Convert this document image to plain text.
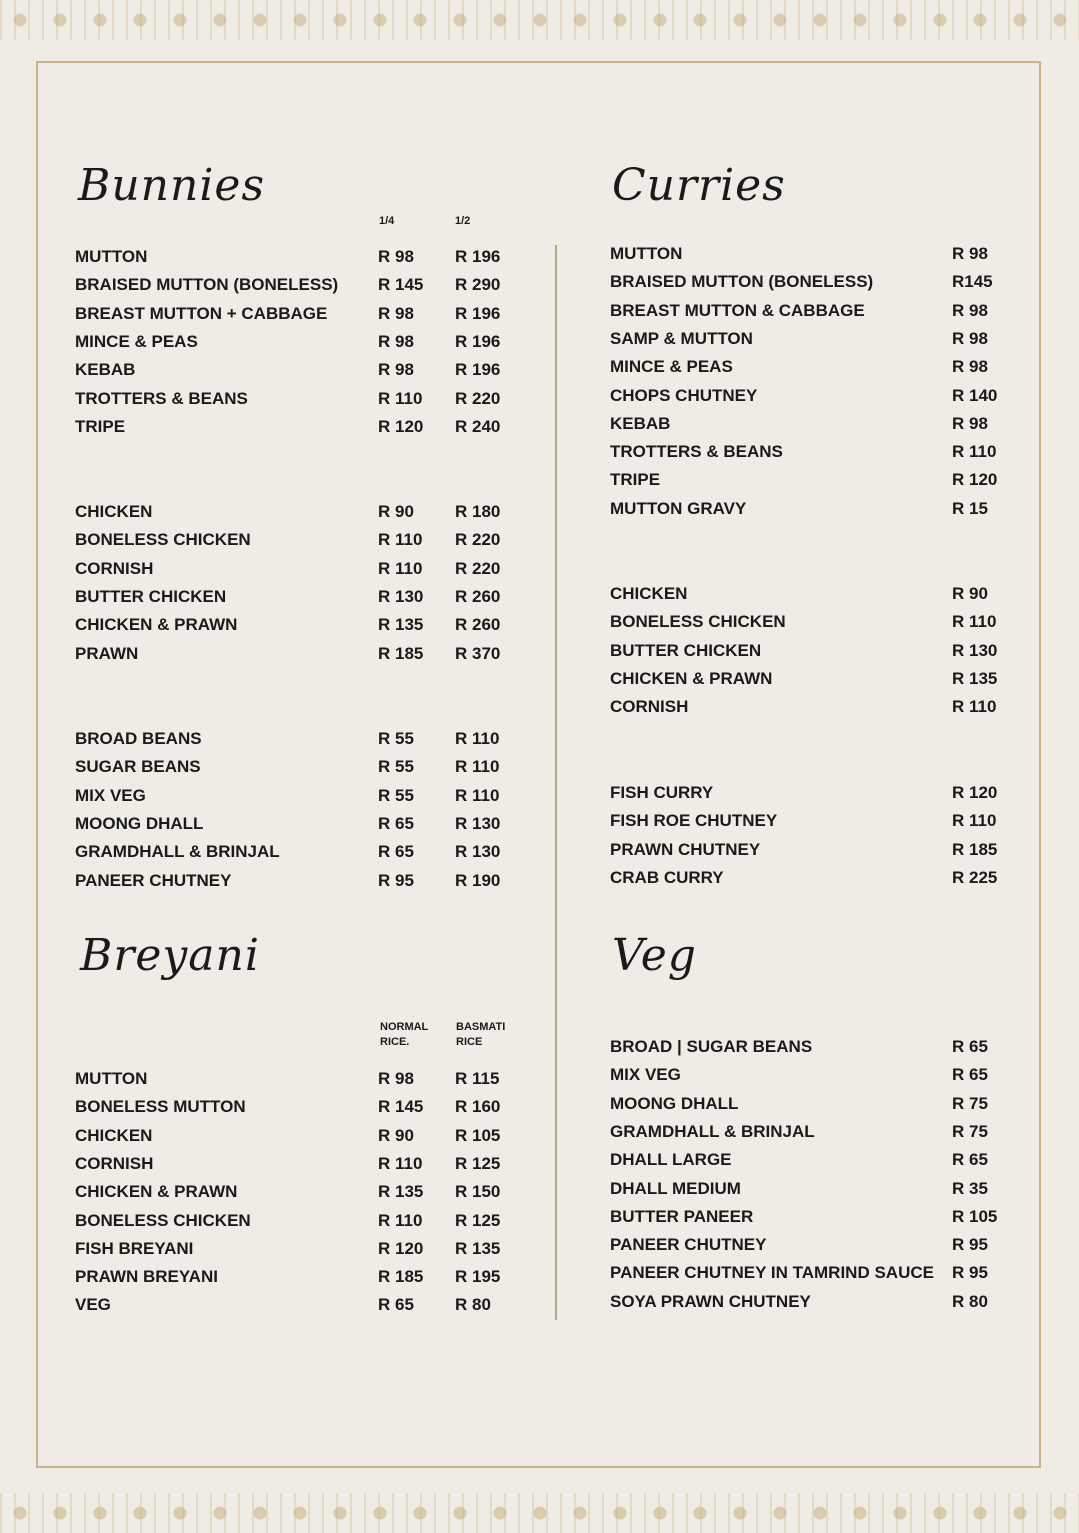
Bunnies
1/4	1/2
MUTTON	R 98 R 196
BRAISED MUTTON (BONELESS) R 145 R 290
BREAST MUTTON + CABBAGE	R 98 R 196
MINCE & PEAS	R 98 R 196
KEBAB	R 98 R 196
TROTTERS & BEANS	R 110 R 220
TRIPE	R 120 R 240
CHICKEN	R 90 R 180
BONELESS CHICKEN	R 110 R 220
CORNISH	R 110 R 220
BUTTER CHICKEN	R 130 R 260
CHICKEN & PRAWN	R 135 R 260
PRAWN	R 185 R 370
BROAD BEANS	R 55 R 110
SUGAR BEANS	R 55 R 110
MIX VEG	R 55 R 110
MOONG DHALL	R 65 R 130
GRAMDHALL & BRINJAL	R 65 R 130
PANEER CHUTNEY	R 95 R 190
Breyani
NORMAL
RICE.
BASMATI
RICE
MUTTON	R 98 R 115
BONELESS MUTTON	R 145 R 160
CHICKEN	R 90 R 105
CORNISH	R 110 R 125
CHICKEN & PRAWN	R 135 R 150
BONELESS CHICKEN	R 110 R 125
FISH BREYANI	R 120 R 135
PRAWN BREYANI	R 185 R 195
VEG	R 65 R 80
Curries
MUTTON	R 98
BRAISED MUTTON (BONELESS)	R145
BREAST MUTTON & CABBAGE	R 98
SAMP & MUTTON	R 98
MINCE & PEAS	R 98
CHOPS CHUTNEY	R 140
KEBAB	R 98
TROTTERS & BEANS	R 110
TRIPE	R 120
MUTTON GRAVY	R 15
CHICKEN	R 90
BONELESS CHICKEN	R 110
BUTTER CHICKEN	R 130
CHICKEN & PRAWN	R 135
CORNISH	R 110
FISH CURRY	R 120
FISH ROE CHUTNEY	R 110
PRAWN CHUTNEY	R 185
CRAB CURRY	R 225
Veg
BROAD | SUGAR BEANS	R 65
MIX VEG	R 65
MOONG DHALL	R 75
GRAMDHALL & BRINJAL	R 75
DHALL LARGE	R 65
DHALL MEDIUM	R 35
BUTTER PANEER	R 105
PANEER CHUTNEY	R 95
PANEER CHUTNEY IN TAMRIND SAUCE R 95
SOYA PRAWN CHUTNEY	R 80
